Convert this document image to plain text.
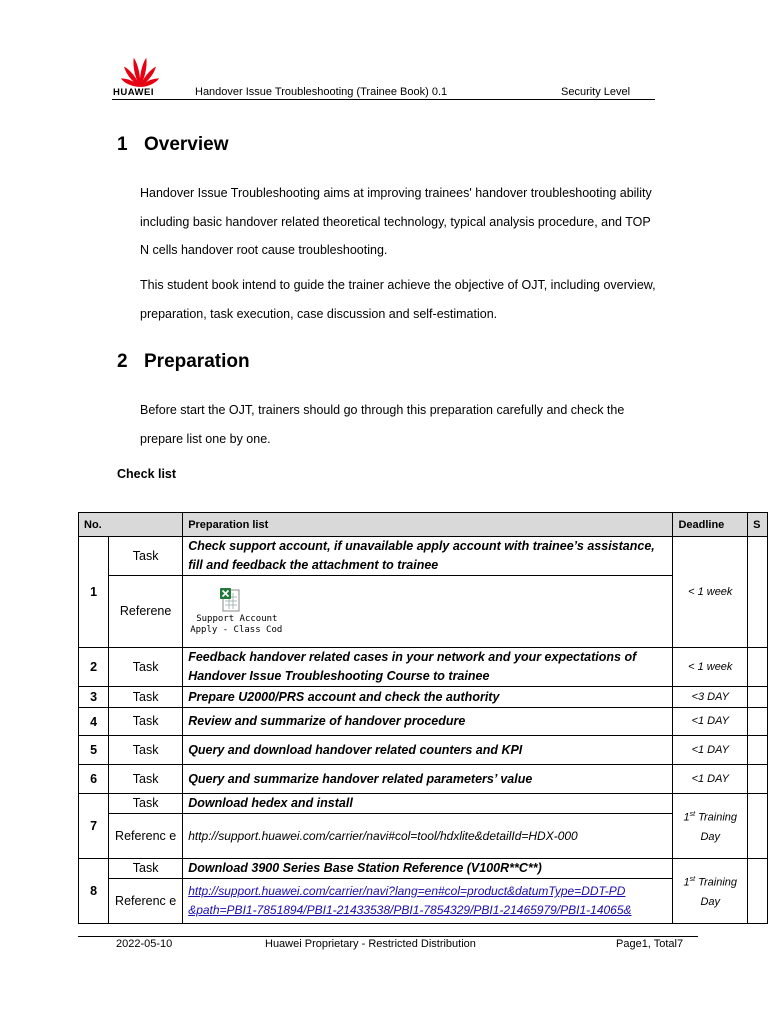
HUAWEI	Handover Issue Troubleshooting (Trainee Book) 0.1	Security Level
1 Overview
Handover Issue Troubleshooting aims at improving trainees' handover troubleshooting ability including basic handover related theoretical technology, typical analysis procedure, and TOP N cells handover root cause troubleshooting.
This student book intend to guide the trainer achieve the objective of OJT, including overview, preparation, task execution, case discussion and self-estimation.
2 Preparation
Before start the OJT, trainers should go through this preparation carefully and check the prepare list one by one.
Check list
No.		Preparation list	Deadline	S
1	Task	Check support account, if unavailable apply account with trainee’s assistance, fill and feedback the attachment to trainee	< 1 week	
	Referene	Support Account
Apply - Class Cod		

2	Task	Feedback handover related cases in your network and your expectations of Handover Issue Troubleshooting Course to trainee	< 1 week	
3	Task	Prepare U2000/PRS account and check the authority	<3 DAY	
4	Task	Review and summarize of handover procedure	<1 DAY	
5	Task	Query and download handover related counters and KPI	<1 DAY	
6	Task	Query and summarize handover related parameters’ value	<1 DAY	
7	Task	Download hedex and install	1st Training Day	
	Referenc e	http://support.huawei.com/carrier/navi#col=tool/hdxlite&detailId=HDX-000		
8	Task	Download 3900 Series Base Station Reference (V100R**C**)	1st Training Day	
	Referenc e	http://support.huawei.com/carrier/navi?lang=en#col=product&datumType=DDT-PD
&path=PBI1-7851894/PBI1-21433538/PBI1-7854329/PBI1-21465979/PBI1-14065&		
2022-05-10	Huawei Proprietary - Restricted Distribution	Page1, Total7
